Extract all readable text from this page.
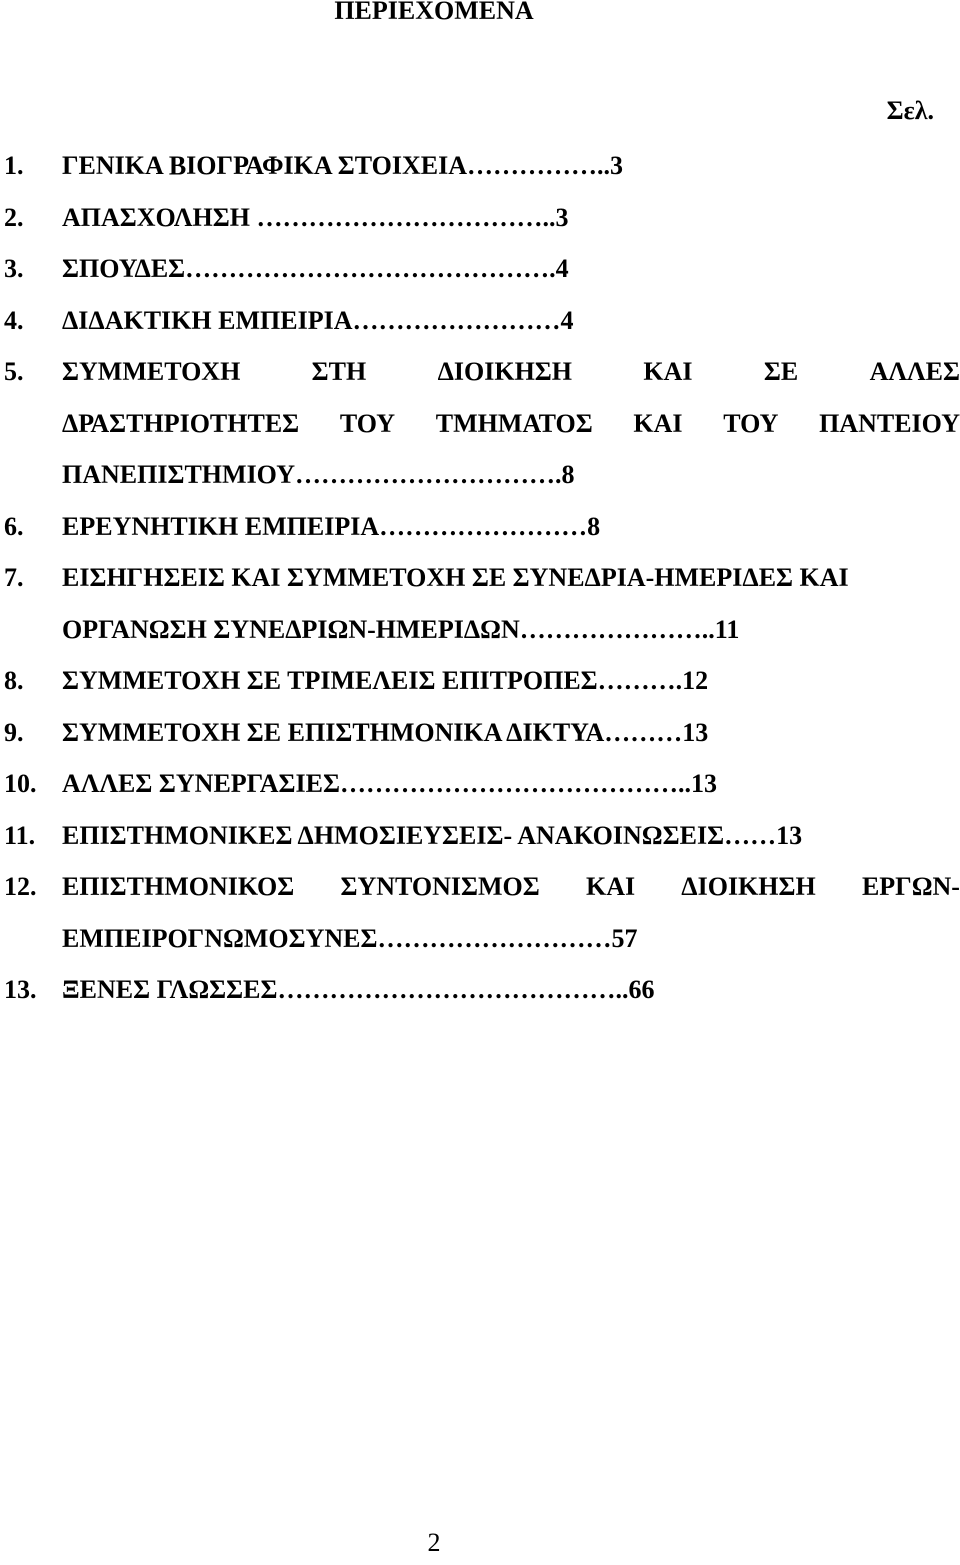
ΠΕΡΙΕΧΟΜΕΝΑ
Σελ.
1. ΓΕΝΙΚΑ ΒΙΟΓΡΑΦΙΚΑ ΣΤΟΙΧΕΙΑ……………..3
2. ΑΠΑΣΧΟΛΗΣΗ ……………………………..3
3. ΣΠΟΥΔΕΣ…………………………………….4
4. ΔΙΔΑΚΤΙΚΗ ΕΜΠΕΙΡΙΑ……………………4
5. ΣΥΜΜΕΤΟΧΗ	ΣΤΗ	ΔΙΟΙΚΗΣΗ	ΚΑΙ	ΣΕ	ΑΛΛΕΣ
ΔΡΑΣΤΗΡΙΟΤΗΤΕΣ ΤΟΥ ΤΜΗΜΑΤΟΣ ΚΑΙ ΤΟΥ ΠΑΝΤΕΙΟΥ
ΠΑΝΕΠΙΣΤΗΜΙΟΥ………………………….8
6. ΕΡΕΥΝΗΤΙΚΗ ΕΜΠΕΙΡΙΑ……………………8
7. ΕΙΣΗΓΗΣΕΙΣ ΚΑΙ ΣΥΜΜΕΤΟΧΗ ΣΕ ΣΥΝΕΔΡΙΑ-ΗΜΕΡΙΔΕΣ ΚΑΙ
ΟΡΓΑΝΩΣΗ ΣΥΝΕΔΡΙΩΝ-ΗΜΕΡΙΔΩΝ…………………..11
8. ΣΥΜΜΕΤΟΧΗ ΣΕ ΤΡΙΜΕΛΕΙΣ ΕΠΙΤΡΟΠΕΣ……….12
9. ΣΥΜΜΕΤΟΧΗ ΣΕ ΕΠΙΣΤΗΜΟΝΙΚΑ ΔΙΚΤΥΑ………13
10. ΑΛΛΕΣ ΣΥΝΕΡΓΑΣΙΕΣ…………………………………..13
11. ΕΠΙΣΤΗΜΟΝΙΚΕΣ ΔΗΜΟΣΙΕΥΣΕΙΣ- ΑΝΑΚΟΙΝΩΣΕΙΣ……13
12. ΕΠΙΣΤΗΜΟΝΙΚΟΣ ΣΥΝΤΟΝΙΣΜΟΣ ΚΑΙ ΔΙΟΙΚΗΣΗ ΕΡΓΩΝ-
ΕΜΠΕΙΡΟΓΝΩΜΟΣΥΝΕΣ………………………57
13. ΞΕΝΕΣ ΓΛΩΣΣΕΣ…………………………………..66
2
